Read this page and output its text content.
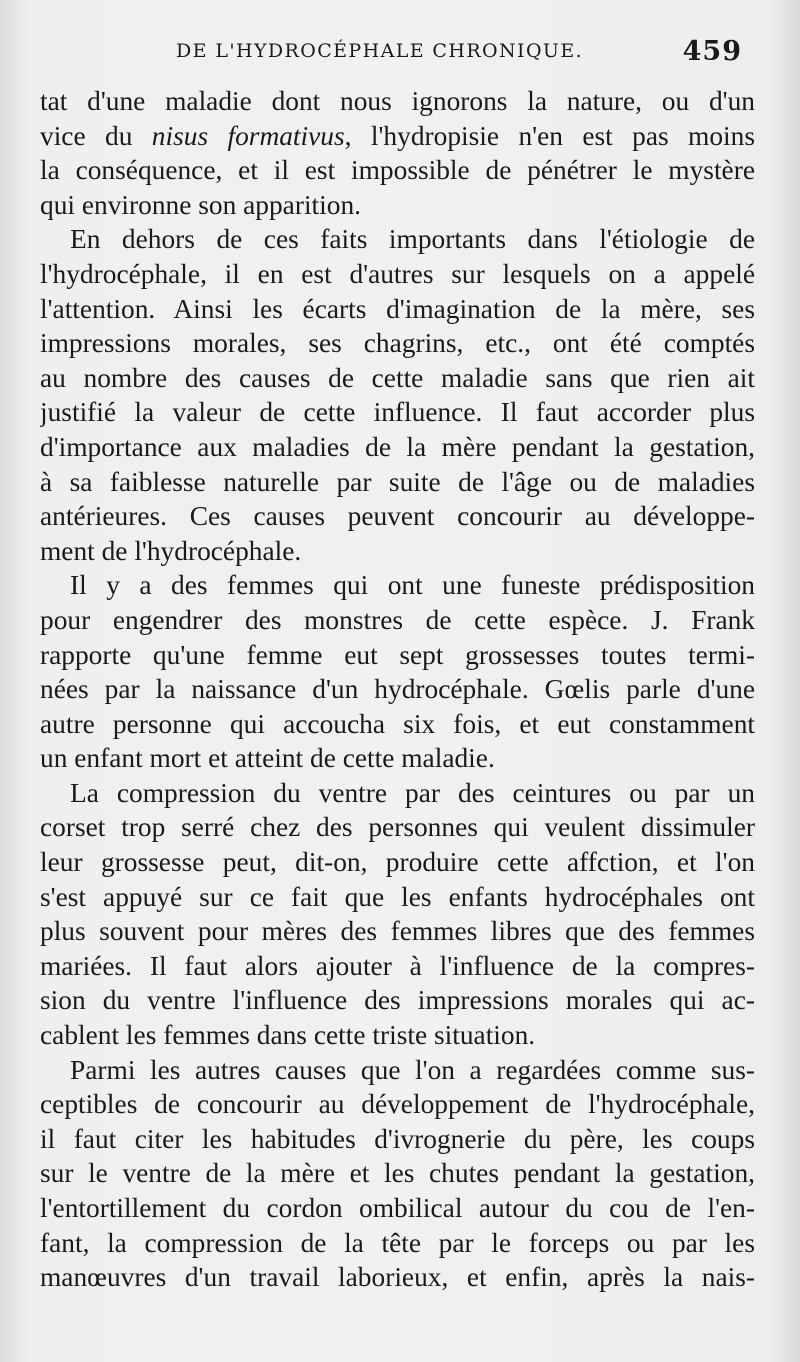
DE L'HYDROCÉPHALE CHRONIQUE.	459
tat d'une maladie dont nous ignorons la nature, ou d'un
vice du nisus formativus, l'hydropisie n'en est pas moins
la conséquence, et il est impossible de pénétrer le mystère
qui environne son apparition.
En dehors de ces faits importants dans l'étiologie de
l'hydrocéphale, il en est d'autres sur lesquels on a appelé
l'attention. Ainsi les écarts d'imagination de la mère, ses
impressions morales, ses chagrins, etc., ont été comptés
au nombre des causes de cette maladie sans que rien ait
justifié la valeur de cette influence. Il faut accorder plus
d'importance aux maladies de la mère pendant la gestation,
à sa faiblesse naturelle par suite de l'âge ou de maladies
antérieures. Ces causes peuvent concourir au développe-
ment de l'hydrocéphale.
Il y a des femmes qui ont une funeste prédisposition
pour engendrer des monstres de cette espèce. J. Frank
rapporte qu'une femme eut sept grossesses toutes termi-
nées par la naissance d'un hydrocéphale. Gœlis parle d'une
autre personne qui accoucha six fois, et eut constamment
un enfant mort et atteint de cette maladie.
La compression du ventre par des ceintures ou par un
corset trop serré chez des personnes qui veulent dissimuler
leur grossesse peut, dit-on, produire cette affction, et l'on
s'est appuyé sur ce fait que les enfants hydrocéphales ont
plus souvent pour mères des femmes libres que des femmes
mariées. Il faut alors ajouter à l'influence de la compres-
sion du ventre l'influence des impressions morales qui ac-
cablent les femmes dans cette triste situation.
Parmi les autres causes que l'on a regardées comme sus-
ceptibles de concourir au développement de l'hydrocéphale,
il faut citer les habitudes d'ivrognerie du père, les coups
sur le ventre de la mère et les chutes pendant la gestation,
l'entortillement du cordon ombilical autour du cou de l'en-
fant, la compression de la tête par le forceps ou par les
manœuvres d'un travail laborieux, et enfin, après la nais-
